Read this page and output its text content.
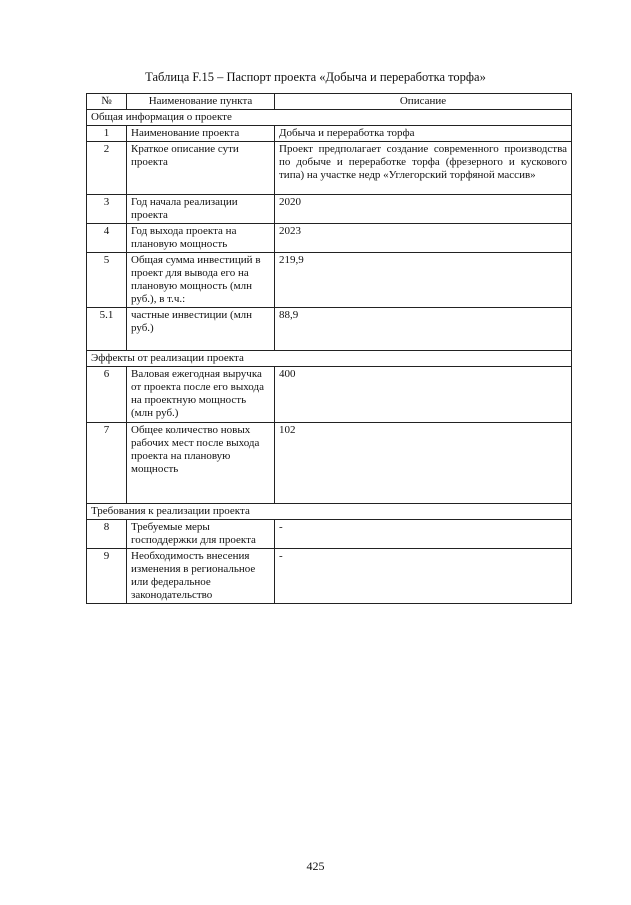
Таблица F.15 – Паспорт проекта «Добыча и переработка торфа»
№	Наименование пункта	Описание
Общая информация о проекте		
1	Наименование проекта	Добыча и переработка торфа
2	Краткое описание сути проекта	Проект предполагает создание современного производства по добыче и переработке торфа (фрезерного и кускового типа) на участке недр «Углегорский торфяной массив»
3	Год начала реализации проекта	2020
4	Год выхода проекта на плановую мощность	2023
5	Общая сумма инвестиций в проект для вывода его на плановую мощность (млн руб.), в т.ч.:	219,9
5.1	частные инвестиции (млн руб.)	88,9
Эффекты от реализации проекта		
6	Валовая ежегодная выручка от проекта после его выхода на проектную мощность (млн руб.)	400
7	Общее количество новых рабочих мест после выхода проекта на плановую мощность	102
Требования к реализации проекта		
8	Требуемые меры господдержки для проекта	-
9	Необходимость внесения изменения в региональное или федеральное законодательство	-
425
